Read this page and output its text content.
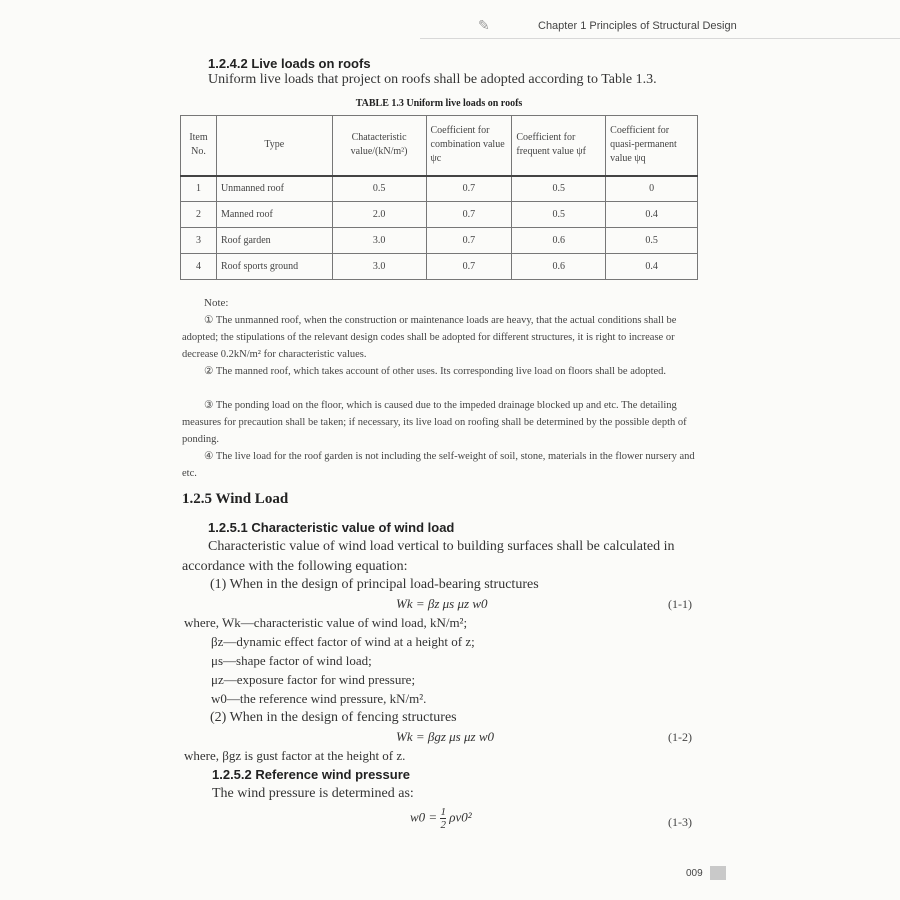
✎	Chapter 1 Principles of Structural Design
1.2.4.2 Live loads on roofs
Uniform live loads that project on roofs shall be adopted according to Table 1.3.
TABLE 1.3 Uniform live loads on roofs
Item No.	Type	Chatacteristic value/(kN/m²)	Coefficient for combination value ψc	Coefficient for frequent value ψf	Coefficient for quasi-permanent value ψq
1	Unmanned roof	0.5	0.7	0.5	0
2	Manned roof	2.0	0.7	0.5	0.4
3	Roof garden	3.0	0.7	0.6	0.5
4	Roof sports ground	3.0	0.7	0.6	0.4
Note:
① The unmanned roof, when the construction or maintenance loads are heavy, that the actual conditions shall be adopted; the stipulations of the relevant design codes shall be adopted for different structures, it is right to increase or decrease 0.2kN/m² for characteristic values.
② The manned roof, which takes account of other uses. Its corresponding live load on floors shall be adopted.
③ The ponding load on the floor, which is caused due to the impeded drainage blocked up and etc. The detailing measures for precaution shall be taken; if necessary, its live load on roofing shall be determined by the possible depth of ponding.
④ The live load for the roof garden is not including the self-weight of soil, stone, materials in the flower nursery and etc.
1.2.5 Wind Load
1.2.5.1 Characteristic value of wind load
Characteristic value of wind load vertical to building surfaces shall be calculated in accordance with the following equation:
(1) When in the design of principal load-bearing structures
Wk = βz μs μz w0	(1-1)
where, Wk—characteristic value of wind load, kN/m²;
βz—dynamic effect factor of wind at a height of z;
μs—shape factor of wind load;
μz—exposure factor for wind pressure;
w0—the reference wind pressure, kN/m².
(2) When in the design of fencing structures
Wk = βgz μs μz w0	(1-2)
where, βgz is gust factor at the height of z.
1.2.5.2 Reference wind pressure
The wind pressure is determined as:
$w0 = \frac{1}{2} \rho v0^2$	(1-3)
009
